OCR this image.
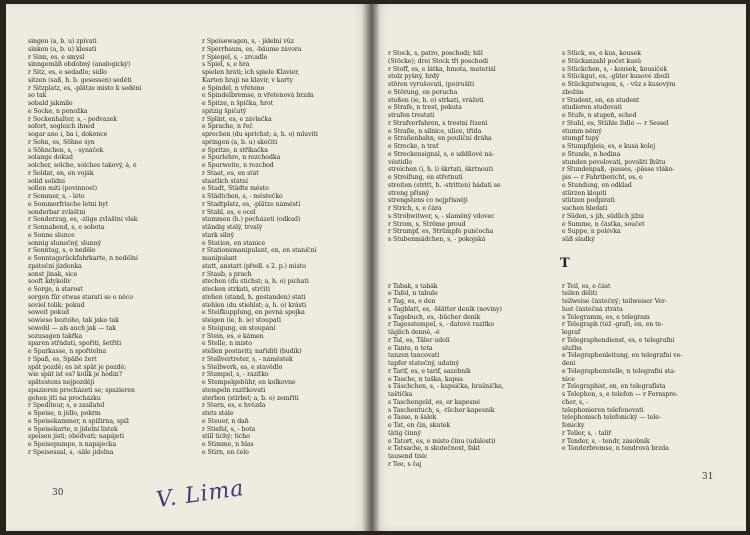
singen (a, b. u) zpívati
sinken (a, b. u) klesati
r Sinn, es, e smysl
sinngemäß obdobný (analogický)
r Sitz, es, e sedadlo; sídlo
sitzen (saß, h. b. gesessen) seděti
r Sitzplatz, es, -plätze místo k sedění
so tak
sobald jakmile
e Socke, n ponožka
r Sockenhalter, s, - podvazek
sofort, sogleich ihned
sogar ano i, ba i, dokonce
r Sohn, es, Söhne syn
s Söhnchen, s, - synáček
solange dokud
solcher, solche, solches takový, á, é
r Soldat, en, en voják
solid solidní
sollen míti (povinnost)
r Sommer, s, - léto
e Sommerfrische letní byt
sonderbar zvláštní
r Sonderzug, es, -züge zvláštní vlak
r Sonnabend, s, e sobota
e Sonne slunce
sonnig slunečný, slunný
r Sonntag, s, e neděle
e Sonntagsrückfahrkarte, n nedělní
zpáteční jízdenka
sonst jinak, sice
sooft kdykoliv
e Sorge, n starost
sorgen für etwas starati se o něco
soviel tolik; pokud
soweit pokud
sowieso beztoho, tak jako tak
sowohl — als auch jak — tak
sozusagen takřka
sparen střádati, spořiti, šetřiti
e Sparkasse, n spořitelna
r Spaß, es, Späße žert
spät pozdě; es ist spät je pozdě;
wie spät ist es? kolik je hodin?
spätestens nejpozději
spazieren procházeti se; spazieren
gehen jíti na procházku
r Spediteur, s, e zasílatel
e Speise, n jídlo, pokrm
e Speisekammer, n spižírna, spíž
e Speisekarte, n jídelní lístek
speisen jísti; obědvati; napájeti
e Speisepumpe, n napájecka
r Speisesaal, s, -säle jídelna
r Speisewagen, s, - jídelní vůz
r Sperrbaum, es, -bäume závora
r Spiegel, s, - zrcadlo
s Spiel, s, e hra
spielen hráti; ich spiele Klavier,
Karten hraji na klavír, v karty
e Spindel, n vřeteno
e Spindelbremse, n vřetenová brzda
e Spitze, n špička, hrot
spitzig špičatý
r Splint, es, e závlačka
e Sprache, n řeč
sprechen (du sprichst; a, h. o) mluviti
springen (a, b. u) skočiti
e Spritze, n stříkačka
e Spurlehre, n rozchodka
e Spurweite, n rozchod
r Staat, es, en stát
staatlich státní
e Stadt, Städte město
s Städtchen, s, - městečko
r Stadtplatz, es, -plätze náměstí
r Stahl, es, e ocel
stammen (h.) pocházeti (odkud)
ständig stálý, trvalý
stark silný
e Station, en stanice
r Stationsmanipulant, en, en staniční
manipulant
statt, anstatt (předl. s 2. p.) místo
r Staub, s prach
stechen (du stichst; a, h. o) píchati
stecken strkati, strčiti
stehen (stand, h. gestanden) státi
stehlen (du stiehlst; a, h. o) krásti
e Steifkupplung, en pevná spojka
steigen (ie, b. ie) stoupati
e Steigung, en stoupání
r Stein, es, e kámen
e Stelle, n místo
stellen postaviti; nařiditi (budík)
r Stellvertreter, s, - náměstek
s Stellwerk, es, e stavědlo
r Stempel, s, - razítko
e Stempelgebühr, en kolkovné
stempeln razítkovati
sterben (stirbst; a, b. o) zemříti
r Stern, es, e hvězda
stets stále
e Steuer, n daň
r Stiefel, s, - bota
still tichý; ticho
e Stimme, n hlas
e Stirn, en čelo
30	V. Lima
r Stock, s, patro, poschodí; hůl
(Stöcke); drei Stock tři poschodí
r Stoff, es, e látka, hmota, materiál
stolz pyšný, hrdý
stören vyrušovati, (po)rušiti
e Störung, en porucha
stoßen (ie, h. o) strkati, vrážeti
e Strafe, n trest, pokuta
strafen trestati
r Strafverfahren, s trestní řízení
e Straße, n silnice, ulice, třída
e Straßenbahn, en pouliční dráha
e Strecke, n trať
e Streckensignal, s, e uddílové ná-
věstidlo
streichen (i, h. i) škrtati, škrtnouti
e Streifung, en střetnutí
streiten (stritt, h. -stritten) hádati se
streng přísný
strengstens co nejpřísněji
r Strich, s, e čára
s Strohwitwer, s, - slaměný vdovec
r Strom, s, Ströme proud
r Strumpf, es, Strümpfe punčocha
s Stubenmädchen, s, - pokojská

r Tabak, s tabák
e Tafel, n tabule
r Tag, es, e den
s Tagblatt, es, -blätter deník (noviny)
s Tagebuch, es, -bücher deník
r Tagesstempel, s, - datové razítko
täglich denně, -ě
r Tal, es, Täler údolí
e Tante, n teta
tanzen tancovati
tapfer statečný, udatný
r Tarif, es, e tarif, sazebník
e Tasche, n taška, kapsa
s Täschchen, s, - kapsička, brašnička,
taštička
s Taschengeld, es, er kapesné
s Taschentuch, s, -tücher kapesník
e Tasse, n šálek
e Tat, en čin, skutek
tätig činný
e Tatort, es, e místo činu (události)
e Tatsache, n skutečnost, fakt
tausend tisíc
r Tee, s čaj
s Stück, es, e kus, kousek
e Stückanzahl počet kusů
s Stückchen, s, - kousek, kousíček
s Stückgut, es, -güter kusové zboží
e Stückgutwagen, s, - vůz s kusovým
zbožím
r Student, en, en student
studieren studovati
e Stufe, n stupeň, schod
r Stuhl, es, Stühle židle — r Sessel
stumm němý
stumpf tupý
s Stumpfgleis, es, e kusá kolej
e Stunde, n hodina
stunden povolovati, povoliti lhůtu
r Stundenpaß, -passes, -pässe vláko-
pis — r Fahrtbericht, es, e
e Stundung, en odklad
stürzen klopiti
stützen podpírati
suchen hledati
r Süden, s jih, südlich jižní
e Summe, n částka, součet
e Suppe, n polévka
süß sladký

r Teil, es, e část
teilen děliti
teilweise částečný; teilweiser Ver-
lust částečná ztráta
s Telegramm, es, e telegram
r Telegraph (též -graf), en, en te-
legraf
r Telegraphendienst, es, e telegrafní
služba
e Telegraphenleitung, en telegrafní ve-
dení
e Telegraphenstelle, n telegrafní sta-
nice
r Telegraphist, en, en telegrafista
s Telephon, s, e telefon — r Fernspre-
cher, s, -
telephonieren telefonovati
telephonisch telefonický — tele-
fonicky
r Teller, s, - talíř
r Tender, s, - tendr, zásobník
e Tenderbremse, n tendrová brzda
T
31
